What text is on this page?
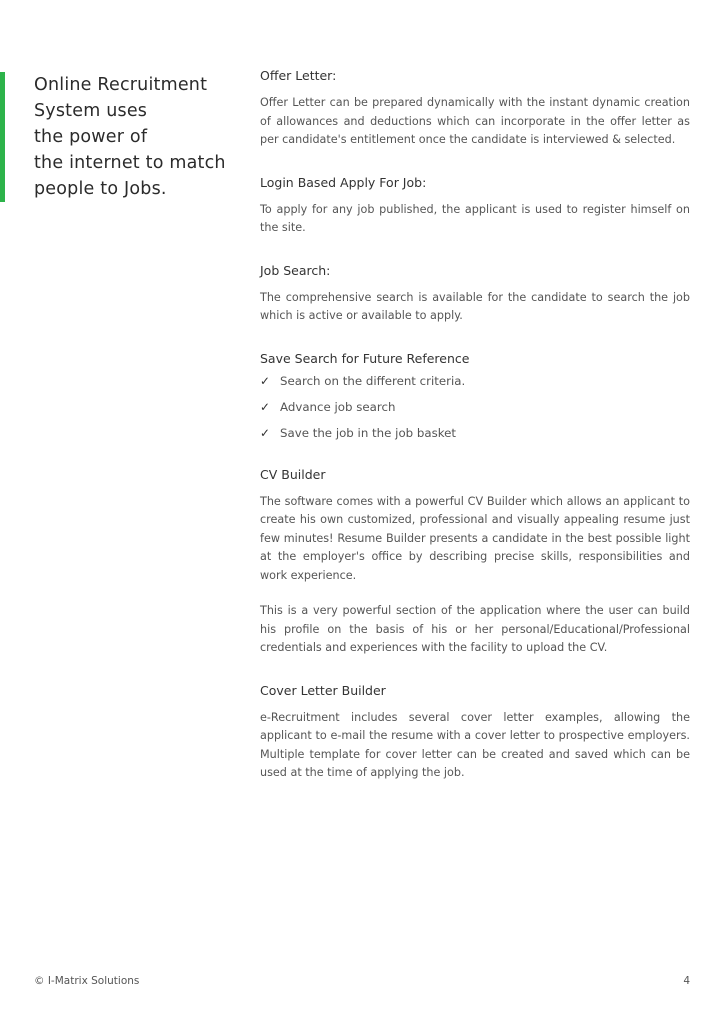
Online Recruitment
System uses
the power of
the internet to match
people to Jobs.
Offer Letter:

Offer Letter can be prepared dynamically with the instant dynamic creation of allowances and deductions which can incorporate in the offer letter as per candidate's entitlement once the candidate is interviewed & selected.

Login Based Apply For Job:

To apply for any job published, the applicant is used to register himself on the site.

Job Search:

The comprehensive search is available for the candidate to search the job which is active or available to apply.

Save Search for Future Reference
✓ Search on the different criteria.
✓ Advance job search
✓ Save the job in the job basket
CV Builder

The software comes with a powerful CV Builder which allows an applicant to create his own customized, professional and visually appealing resume just few minutes! Resume Builder presents a candidate in the best possible light at the employer's office by describing precise skills, responsibilities and work experience.

This is a very powerful section of the application where the user can build his profile on the basis of his or her personal/Educational/Professional credentials and experiences with the facility to upload the CV.

Cover Letter Builder

e-Recruitment includes several cover letter examples, allowing the applicant to e-mail the resume with a cover letter to prospective employers. Multiple template for cover letter can be created and saved which can be used at the time of applying the job.

© I-Matrix Solutions	4
